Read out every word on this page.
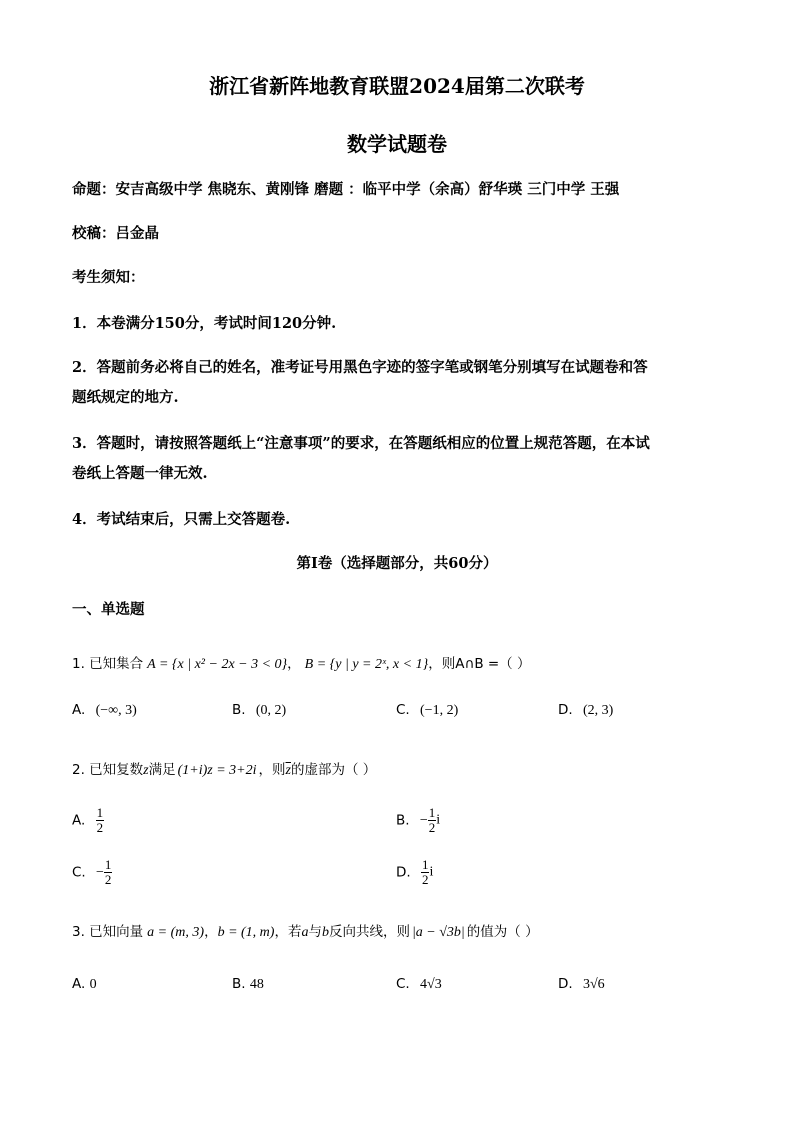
浙江省新阵地教育联盟2024届第二次联考
数学试题卷
命题：安吉高级中学 焦晓东、黄刚锋 磨题 ：临平中学（余高）舒华瑛 三门中学 王强
校稿：吕金晶
考生须知：
1．本卷满分150分，考试时间120分钟.
2．答题前务必将自己的姓名，准考证号用黑色字迹的签字笔或钢笔分别填写在试题卷和答
题纸规定的地方.
3．答题时，请按照答题纸上“注意事项”的要求，在答题纸相应的位置上规范答题，在本试
卷纸上答题一律无效.
4．考试结束后，只需上交答题卷.
第Ⅰ卷（选择题部分，共60分）
一、单选题
1. 已知集合 A = {x | x² − 2x − 3 < 0}， B = {y | y = 2ˣ, x < 1}，则A∩B =（ ）
A. (−∞, 3)	B. (0, 2)	C. (−1, 2)	D. (2, 3)
2. 已知复数z满足 (1+i)z = 3+2i ，则$\overline{z}$的虚部为（ ）
A. $\frac{1}{2}$	B. − $\frac{1}{2}$ i
C. − $\frac{1}{2}$	D. $\frac{1}{2}$ i
3. 已知向量 a = (m, 3)，b = (1, m)，若a与b反向共线，则 |a − √3b| 的值为（ ）
A. 0	B. 48	C. 4√3	D. 3√6
